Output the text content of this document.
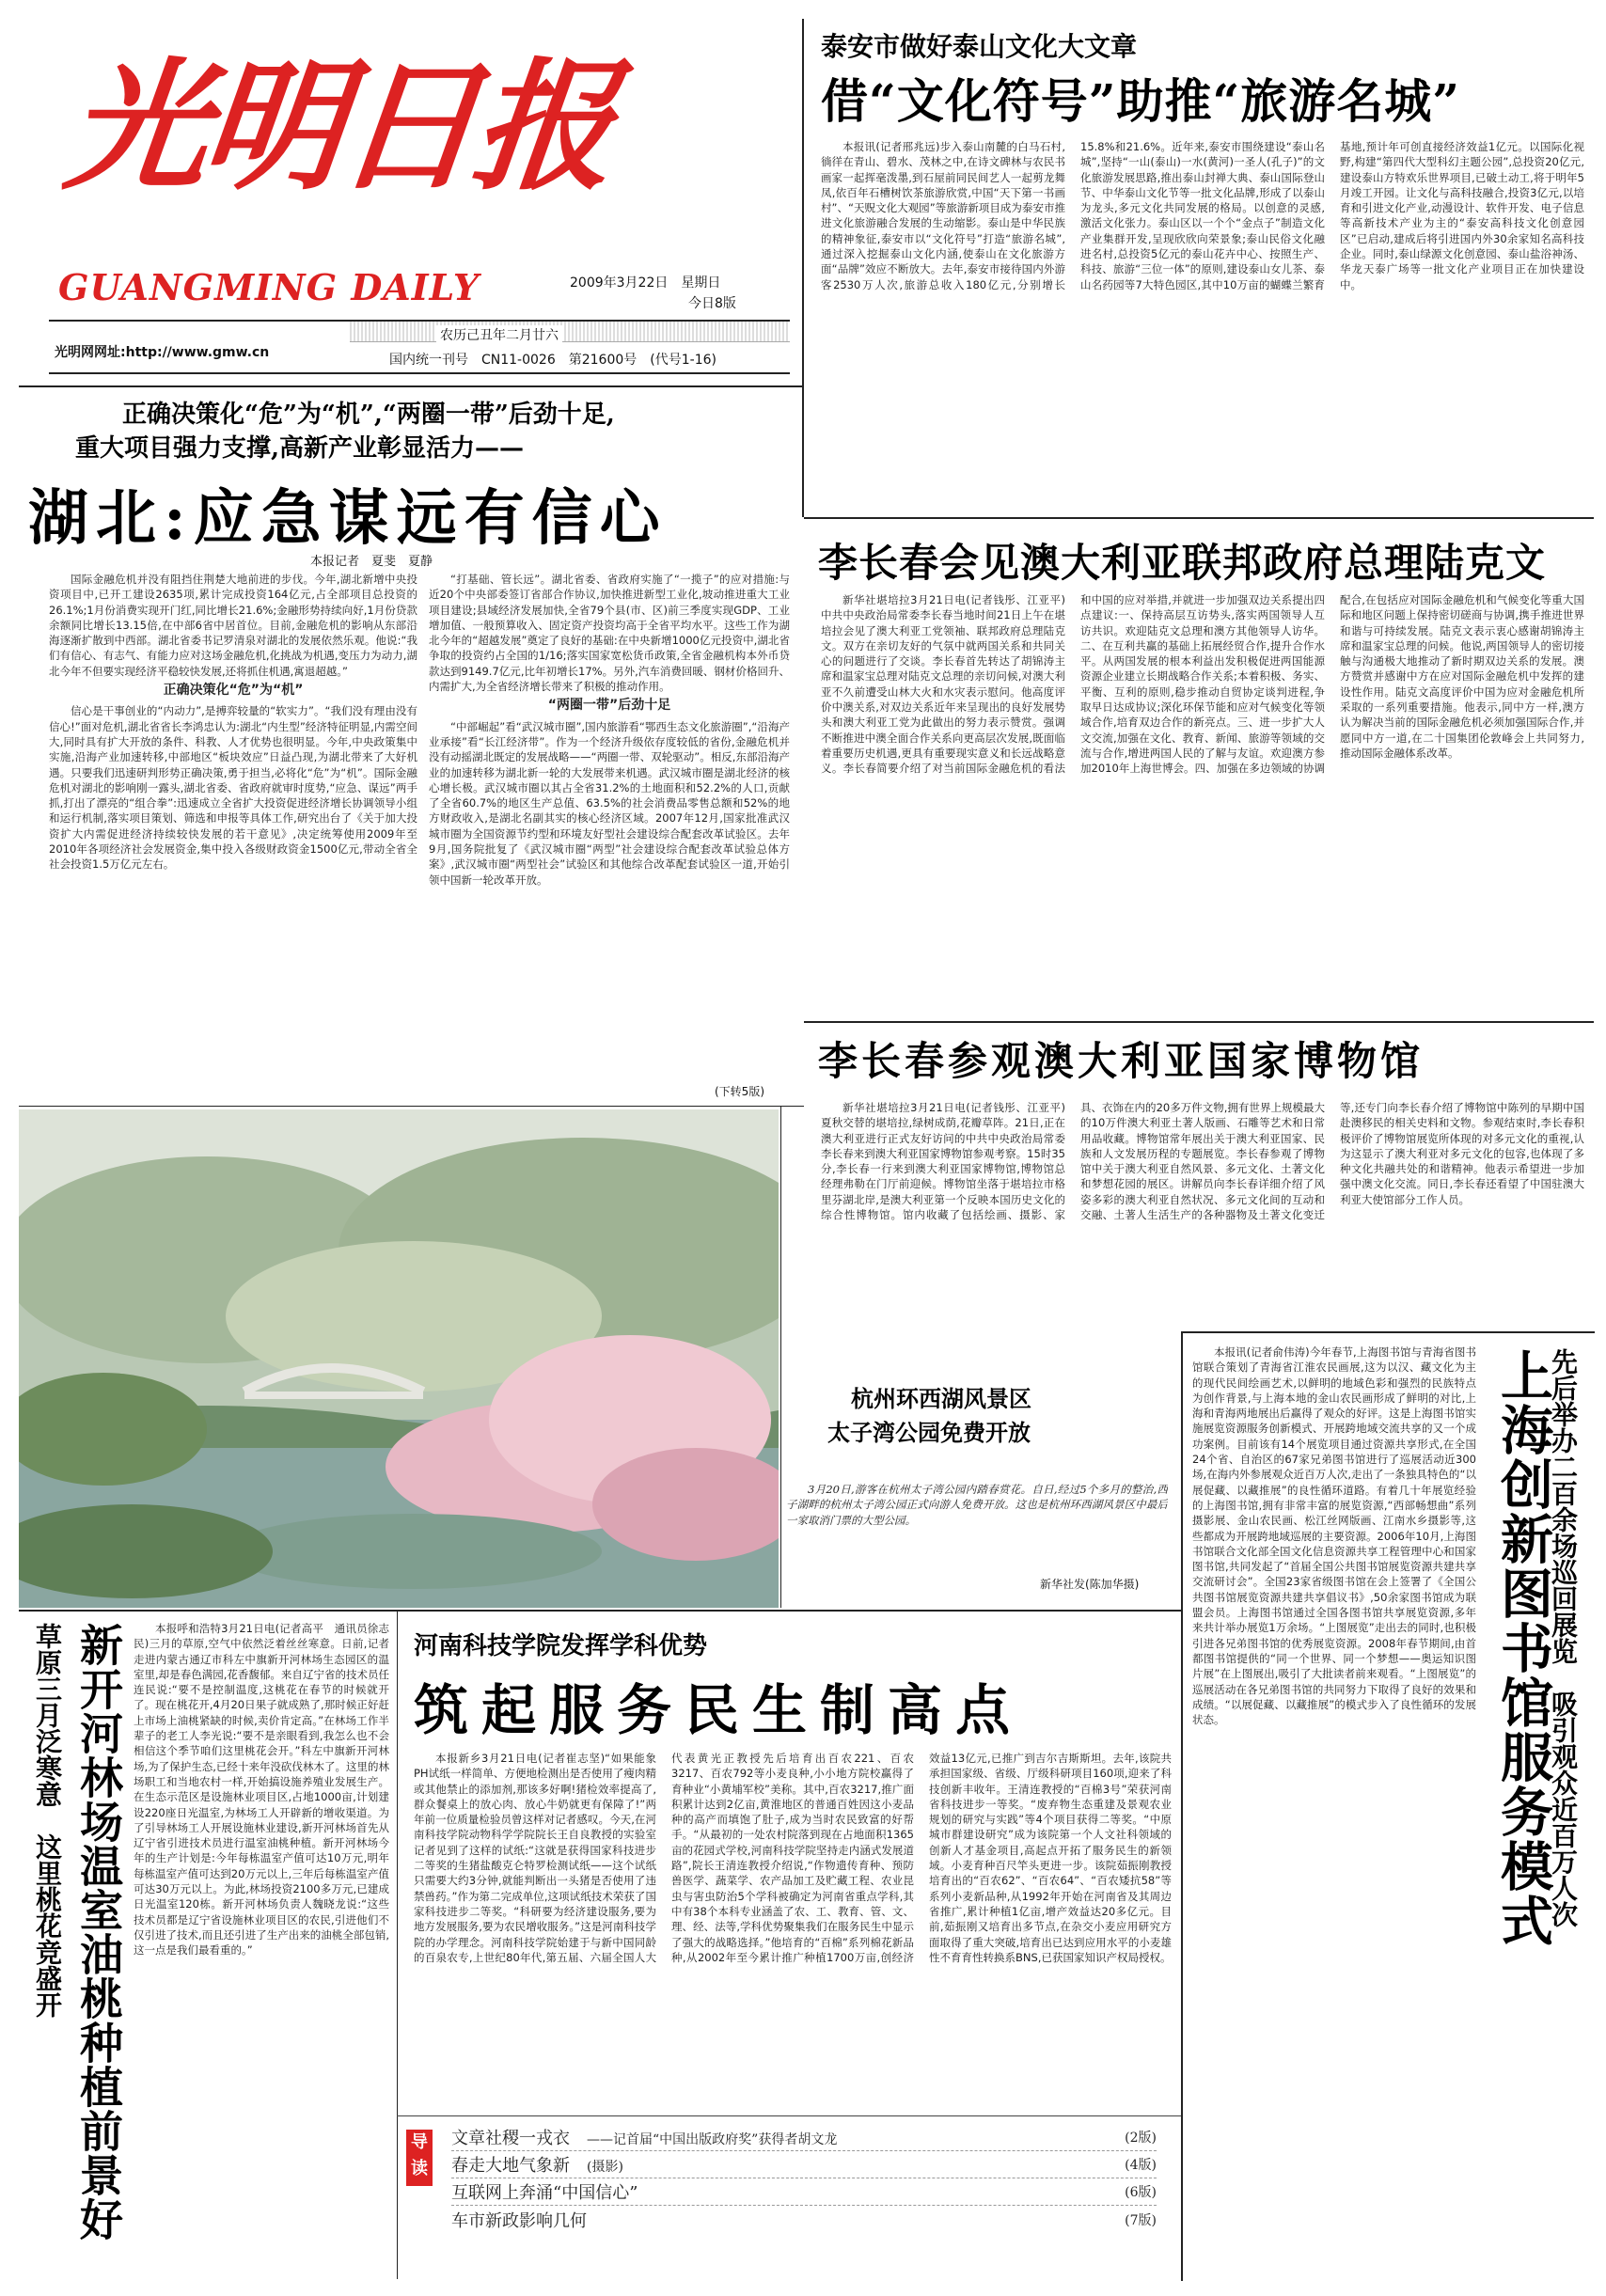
光明日报
GUANGMING DAILY	2009年3月22日　星期日
今日8版
光明网网址:http://www.gmw.cn
农历己丑年二月廿六
国内统一刊号　CN11-0026　第21600号　(代号1-16)
泰安市做好泰山文化大文章
借“文化符号”助推“旅游名城”

本报讯(记者邢兆远)步入泰山南麓的白马石村,徜徉在青山、碧水、茂林之中,在诗文碑林与农民书画家一起挥毫泼墨,到石屋前同民间艺人一起剪龙舞凤,依百年石槽树饮茶旅游欣赏,中国“天下第一书画村”、“天贶文化大观园”等旅游新项目成为泰安市推进文化旅游融合发展的生动缩影。泰山是中华民族的精神象征,泰安市以“文化符号”打造“旅游名城”,通过深入挖掘泰山文化内涵,使泰山在文化旅游方面“品牌”效应不断放大。去年,泰安市接待国内外游客2530万人次,旅游总收入180亿元,分别增长15.8%和21.6%。近年来,泰安市围绕建设“泰山名城”,坚持“一山(泰山)一水(黄河)一圣人(孔子)”的文化旅游发展思路,推出泰山封禅大典、泰山国际登山节、中华泰山文化节等一批文化品牌,形成了以泰山为龙头,多元文化共同发展的格局。以创意的灵感,激活文化张力。泰山区以一个个“金点子”制造文化产业集群开发,呈现欣欣向荣景象;泰山民俗文化融进名村,总投资5亿元的泰山花卉中心、按照生产、科技、旅游“三位一体”的原则,建设泰山女儿茶、泰山名药园等7大特色园区,其中10万亩的蝴蝶兰繁育基地,预计年可创直接经济效益1亿元。以国际化视野,构建“第四代大型科幻主题公园”,总投资20亿元,建设泰山方特欢乐世界项目,已破土动工,将于明年5月竣工开园。让文化与高科技融合,投资3亿元,以培育和引进文化产业,动漫设计、软件开发、电子信息等高新技术产业为主的“泰安高科技文化创意园区”已启动,建成后将引进国内外30余家知名高科技企业。同时,泰山绿源文化创意园、泰山盐浴神汤、华龙天泰广场等一批文化产业项目正在加快建设中。

正确决策化“危”为“机”,“两圈一带”后劲十足,
重大项目强力支撑,高新产业彰显活力——
湖北:应急谋远有信心
本报记者　夏斐　夏静

国际金融危机并没有阻挡住荆楚大地前进的步伐。今年,湖北新增中央投资项目中,已开工建设2635项,累计完成投资164亿元,占全部项目总投资的26.1%;1月份消费实现开门红,同比增长21.6%;金融形势持续向好,1月份贷款余额同比增长13.15倍,在中部6省中居首位。目前,金融危机的影响从东部沿海逐渐扩散到中西部。湖北省委书记罗清泉对湖北的发展依然乐观。他说:“我们有信心、有志气、有能力应对这场金融危机,化挑战为机遇,变压力为动力,湖北今年不但要实现经济平稳较快发展,还将抓住机遇,寓退超越。”

正确决策化“危”为“机”

信心是干事创业的“内动力”,是搏弈较量的“软实力”。“我们没有理由没有信心!”面对危机,湖北省省长李鸿忠认为:湖北“内生型”经济特征明显,内需空间大,同时具有扩大开放的条件、科教、人才优势也很明显。今年,中央政策集中实施,沿海产业加速转移,中部地区“板块效应”日益凸现,为湖北带来了大好机遇。只要我们迅速研判形势正确决策,勇于担当,必将化“危”为“机”。国际金融危机对湖北的影响刚一露头,湖北省委、省政府就审时度势,“应急、谋远”两手抓,打出了漂亮的“组合拳”:迅速成立全省扩大投资促进经济增长协调领导小组和运行机制,落实项目策划、筛选和申报等具体工作,研究出台了《关于加大投资扩大内需促进经济持续较快发展的若干意见》,决定统筹使用2009年至2010年各项经济社会发展资金,集中投入各级财政资金1500亿元,带动全省全社会投资1.5万亿元左右。

“打基础、管长远”。湖北省委、省政府实施了“一揽子”的应对措施:与近20个中央部委签订省部合作协议,加快推进新型工业化,坡动推进重大工业项目建设;县域经济发展加快,全省79个县(市、区)前三季度实现GDP、工业增加值、一般预算收入、固定资产投资均高于全省平均水平。这些工作为湖北今年的“超越发展”奠定了良好的基础:在中央新增1000亿元投资中,湖北省争取的投资约占全国的1/16;落实国家宽松货币政策,全省金融机构本外币贷款达到9149.7亿元,比年初增长17%。另外,汽车消费回暖、钢材价格回升、内需扩大,为全省经济增长带来了积极的推动作用。

“两圈一带”后劲十足

“中部崛起”看“武汉城市圈”,国内旅游看“鄂西生态文化旅游圈”,“沿海产业承接”看“长江经济带”。作为一个经济升级依存度较低的省份,金融危机并没有动摇湖北既定的发展战略——“两圈一带、双轮驱动”。相反,东部沿海产业的加速转移为湖北新一轮的大发展带来机遇。武汉城市圈是湖北经济的核心增长极。武汉城市圈以其占全省31.2%的土地面积和52.2%的人口,贡献了全省60.7%的地区生产总值、63.5%的社会消费品零售总额和52%的地方财政收入,是湖北名副其实的核心经济区域。2007年12月,国家批准武汉城市圈为全国资源节约型和环境友好型社会建设综合配套改革试验区。去年9月,国务院批复了《武汉城市圈“两型”社会建设综合配套改革试验总体方案》,武汉城市圈“两型社会”试验区和其他综合改革配套试验区一道,开始引领中国新一轮改革开放。

(下转5版)
李长春会见澳大利亚联邦政府总理陆克文

新华社堪培拉3月21日电(记者钱彤、江亚平)中共中央政治局常委李长春当地时间21日上午在堪培拉会见了澳大利亚工党领袖、联邦政府总理陆克文。双方在亲切友好的气氛中就两国关系和共同关心的问题进行了交谈。李长春首先转达了胡锦涛主席和温家宝总理对陆克文总理的亲切问候,对澳大利亚不久前遭受山林大火和水灾表示慰问。他高度评价中澳关系,对双边关系近年来呈现出的良好发展势头和澳大利亚工党为此做出的努力表示赞赏。强调不断推进中澳全面合作关系向更高层次发展,既面临着重要历史机遇,更具有重要现实意义和长远战略意义。李长春简要介绍了对当前国际金融危机的看法和中国的应对举措,并就进一步加强双边关系提出四点建议:一、保持高层互访势头,落实两国领导人互访共识。欢迎陆克文总理和澳方其他领导人访华。二、在互利共赢的基础上拓展经贸合作,提升合作水平。从两国发展的根本利益出发积极促进两国能源资源企业建立长期战略合作关系;本着积极、务实、平衡、互利的原则,稳步推动自贸协定谈判进程,争取早日达成协议;深化环保节能和应对气候变化等领域合作,培育双边合作的新亮点。三、进一步扩大人文交流,加强在文化、教育、新闻、旅游等领域的交流与合作,增进两国人民的了解与友谊。欢迎澳方参加2010年上海世博会。四、加强在多边领域的协调配合,在包括应对国际金融危机和气候变化等重大国际和地区问题上保持密切磋商与协调,携手推进世界和谐与可持续发展。陆克文表示衷心感谢胡锦涛主席和温家宝总理的问候。他说,两国领导人的密切接触与沟通极大地推动了新时期双边关系的发展。澳方赞赏并感谢中方在应对国际金融危机中发挥的建设性作用。陆克文高度评价中国为应对金融危机所采取的一系列重要措施。他表示,同中方一样,澳方认为解决当前的国际金融危机必须加强国际合作,并愿同中方一道,在二十国集团伦敦峰会上共同努力,推动国际金融体系改革。

李长春参观澳大利亚国家博物馆

新华社堪培拉3月21日电(记者钱彤、江亚平)夏秋交替的堪培拉,绿树成荫,花瓣草阵。21日,正在澳大利亚进行正式友好访问的中共中央政治局常委李长春来到澳大利亚国家博物馆参观考察。15时35分,李长春一行来到澳大利亚国家博物馆,博物馆总经理弗勒在门厅前迎候。博物馆坐落于堪培拉市格里芬湖北岸,是澳大利亚第一个反映本国历史文化的综合性博物馆。馆内收藏了包括绘画、摄影、家具、衣饰在内的20多万件文物,拥有世界上规模最大的10万件澳大利亚土著人版画、石雕等艺术和日常用品收藏。博物馆常年展出关于澳大利亚国家、民族和人文发展历程的专题展览。李长春参观了博物馆中关于澳大利亚自然风景、多元文化、土著文化和梦想花园的展区。讲解员向李长春详细介绍了风姿多彩的澳大利亚自然状况、多元文化间的互动和交融、土著人生活生产的各种器物及土著文化变迁等,还专门向李长春介绍了博物馆中陈列的早期中国赴澳移民的相关史料和文物。参观结束时,李长春积极评价了博物馆展览所体现的对多元文化的重视,认为这显示了澳大利亚对多元文化的包容,也体现了多种文化共融共处的和谐精神。他表示希望进一步加强中澳文化交流。同日,李长春还看望了中国驻澳大利亚大使馆部分工作人员。

杭州环西湖风景区
太子湾公园免费开放

3月20日,游客在杭州太子湾公园内踏春赏花。自日,经过5个多月的整治,西子湖畔的杭州太子湾公园正式向游人免费开放。这也是杭州环西湖风景区中最后一家取消门票的大型公园。

新华社发(陈加华摄)

本报讯(记者俞伟涛)今年春节,上海图书馆与青海省图书馆联合策划了青海省江淮农民画展,这为以汉、藏文化为主的现代民间绘画艺术,以鲜明的地域色彩和强烈的民族特点为创作背景,与上海本地的金山农民画形成了鲜明的对比,上海和青海两地展出后赢得了观众的好评。这是上海图书馆实施展览资源服务创新模式、开展跨地域交流共享的又一个成功案例。目前该有14个展览项目通过资源共享形式,在全国24个省、自治区的67家兄弟图书馆进行了巡展活动近300场,在海内外参展观众近百万人次,走出了一条独具特色的“以展促藏、以藏推展”的良性循环道路。有着几十年展览经验的上海图书馆,拥有非常丰富的展览资源,“西部畅想曲”系列摄影展、金山农民画、松江丝网版画、江南水乡摄影等,这些都成为开展跨地域巡展的主要资源。2006年10月,上海图书馆联合文化部全国文化信息资源共享工程管理中心和国家图书馆,共同发起了“首届全国公共图书馆展览资源共建共享交流研讨会”。全国23家省级图书馆在会上签署了《全国公共图书馆展览资源共建共享倡议书》,50余家图书馆成为联盟会员。上海图书馆通过全国各图书馆共享展览资源,多年来共计举办展览1万余场。“上图展览”走出去的同时,也积极引进各兄弟图书馆的优秀展览资源。2008年春节期间,由首都图书馆提供的“同一个世界、同一个梦想——奥运知识图片展”在上图展出,吸引了大批读者前来观看。“上图展览”的巡展活动在各兄弟图书馆的共同努力下取得了良好的效果和成绩。“以展促藏、以藏推展”的模式步入了良性循环的发展状态。	先后举办二百余场巡回展览　吸引观众近百万人次
上海创新图书馆服务模式
草原三月泛寒意　这里桃花竞盛开 新开河林场温室油桃种植前景好	本报呼和浩特3月21日电(记者高平　通讯员徐志民)三月的草原,空气中依然泛着丝丝寒意。日前,记者走进内蒙古通辽市科左中旗新开河林场生态园区的温室里,却是春色满园,花香馥郁。来自辽宁省的技术员任连民说:“要不是控制温度,这桃花在春节的时候就开了。现在桃花开,4月20日果子就成熟了,那时候正好赶上市场上油桃紧缺的时候,卖价肯定高。”在林场工作半辈子的老工人李光说:“要不是亲眼看到,我怎么也不会相信这个季节咱们这里桃花会开。”科左中旗新开河林场,为了保护生态,已经十来年没砍伐林木了。这里的林场职工和当地农村一样,开始搞设施养殖业发展生产。在生态示范区是设施林业项目区,占地1000亩,计划建设220座日光温室,为林场工人开辟新的增收渠道。为了引导林场工人开展设施林业建设,新开河林场首先从辽宁省引进技术员进行温室油桃种植。新开河林场今年的生产计划是:今年每栋温室产值可达10万元,明年每栋温室产值可达到20万元以上,三年后每栋温室产值可达30万元以上。为此,林场投资2100多万元,已建成日光温室120栋。新开河林场负责人魏晓龙说:“这些技术员都是辽宁省设施林业项目区的农民,引进他们不仅引进了技术,而且还引进了生产出来的油桃全部包销,这一点是我们最看重的。”

河南科技学院发挥学科优势
筑起服务民生制高点

本报新乡3月21日电(记者崔志坚)“如果能象PH试纸一样简单、方便地检测出是否使用了瘦肉精或其他禁止的添加剂,那该多好啊!猪检效率提高了,群众餐桌上的放心肉、放心牛奶就更有保障了!”两年前一位质量检验员曾这样对记者感叹。今天,在河南科技学院动物科学学院院长王自良教授的实验室记者见到了这样的试纸:“这就是获得国家科技进步二等奖的生猪盐酸克仑特罗检测试纸——这个试纸只需要大约3分钟,就能判断出一头猪是否使用了违禁兽药。”作为第二完成单位,这项试纸技术荣获了国家科技进步二等奖。“科研要为经济建设服务,要为地方发展服务,要为农民增收服务。”这是河南科技学院的办学理念。河南科技学院始建于与新中国同龄的百泉农专,上世纪80年代,第五届、六届全国人大代表黄光正教授先后培育出百农221、百农3217、百农792等小麦良种,小小地方院校赢得了育种业“小黄埔军校”美称。其中,百农3217,推广面积累计达到2亿亩,黄淮地区的普通百姓因这小麦品种的高产而填饱了肚子,成为当时农民致富的好帮手。“从最初的一处农村院落到现在占地面积1365亩的花园式学校,河南科技学院坚持走内涵式发展道路”,院长王清连教授介绍说,“作物遗传育种、预防兽医学、蔬菜学、农产品加工及贮藏工程、农业昆虫与害虫防治5个学科被确定为河南省重点学科,其中有38个本科专业涵盖了农、工、教育、管、文、理、经、法等,学科优势聚集我们在服务民生中显示了强大的战略选择。”他培育的“百棉”系列棉花新品种,从2002年至今累计推广种植1700万亩,创经济效益13亿元,已推广到吉尔吉斯斯坦。去年,该院共承担国家级、省级、厅级科研项目160项,迎来了科技创新丰收年。王清连教授的“百棉3号”荣获河南省科技进步一等奖。“废弃物生态重建及景观农业规划的研究与实践”等4个项目获得二等奖。“中原城市群建设研究”成为该院第一个人文社科领域的创新人才基金项目,高起点开拓了服务民生的新领域。小麦育种百尺竿头更进一步。该院茹振刚教授培育出的“百农62”、“百农64”、“百农矮抗58”等系列小麦新品种,从1992年开始在河南省及其周边省推广,累计种植1亿亩,增产效益达20多亿元。目前,茹振刚又培育出多节点,在杂交小麦应用研究方面取得了重大突破,培育出已达到应用水平的小麦雄性不育育性转换系BNS,已获国家知识产权局授权。

导
读
文章社稷一戎衣　 ——记首届“中国出版政府奖”获得者胡文龙	(2版)
春走大地气象新　 (摄影)	(4版)
互联网上奔涌“中国信心”	(6版)
车市新政影响几何	(7版)
